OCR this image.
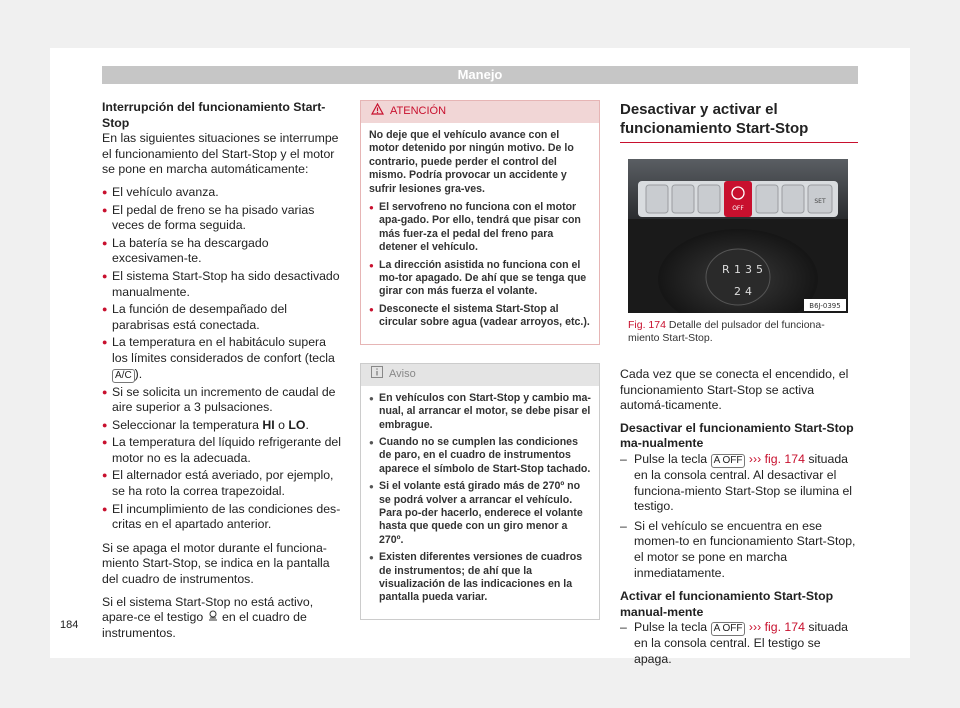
Manejo

Interrupción del funcionamiento Start-Stop

En las siguientes situaciones se interrumpe el funcionamiento del Start-Stop y el motor se pone en marcha automáticamente:

● El vehículo avanza.
● El pedal de freno se ha pisado varias veces de forma seguida.
● La batería se ha descargado excesivamen-te.
● El sistema Start-Stop ha sido desactivado manualmente.
● La función de desempañado del parabrisas está conectada.
● La temperatura en el habitáculo supera los límites considerados de confort (tecla A/C ).
● Si se solicita un incremento de caudal de aire superior a 3 pulsaciones.
● Seleccionar la temperatura HI o LO.
● La temperatura del líquido refrigerante del motor no es la adecuada.
● El alternador está averiado, por ejemplo, se ha roto la correa trapezoidal.
● El incumplimiento de las condiciones des-critas en el apartado anterior.

Si se apaga el motor durante el funciona-miento Start-Stop, se indica en la pantalla del cuadro de instrumentos.

Si el sistema Start-Stop no está activo, apare-ce el testigo en el cuadro de instrumentos.

ATENCIÓN

No deje que el vehículo avance con el motor detenido por ningún motivo. De lo contrario, puede perder el control del mismo. Podría provocar un accidente y sufrir lesiones gra-ves.

● El servofreno no funciona con el motor apa-gado. Por ello, tendrá que pisar con más fuer-za el pedal del freno para detener el vehículo.
● La dirección asistida no funciona con el mo-tor apagado. De ahí que se tenga que girar con más fuerza el volante.
● Desconecte el sistema Start-Stop al circular sobre agua (vadear arroyos, etc.).
Aviso
● En vehículos con Start-Stop y cambio ma-nual, al arrancar el motor, se debe pisar el embrague.
● Cuando no se cumplen las condiciones de paro, en el cuadro de instrumentos aparece el símbolo de Start-Stop tachado.
● Si el volante está girado más de 270º no se podrá volver a arrancar el vehículo. Para po-der hacerlo, enderece el volante hasta que quede con un giro menor a 270º.
● Existen diferentes versiones de cuadros de instrumentos; de ahí que la visualización de las indicaciones en la pantalla pueda variar.
Desactivar y activar el funcionamiento Start-Stop
OFF
SET
R 1 3 5
2 4
B6J-0395
Fig. 174 Detalle del pulsador del funciona-miento Start-Stop.

Cada vez que se conecta el encendido, el funcionamiento Start-Stop se activa automá-ticamente.

Desactivar el funcionamiento Start-Stop ma-nualmente

– Pulse la tecla A OFF ››› fig. 174 situada en la consola central. Al desactivar el funciona-miento Start-Stop se ilumina el testigo.
– Si el vehículo se encuentra en ese momen-to en funcionamiento Start-Stop, el motor se pone en marcha inmediatamente.

Activar el funcionamiento Start-Stop manual-mente

– Pulse la tecla A OFF ››› fig. 174 situada en la consola central. El testigo se apaga.
184
